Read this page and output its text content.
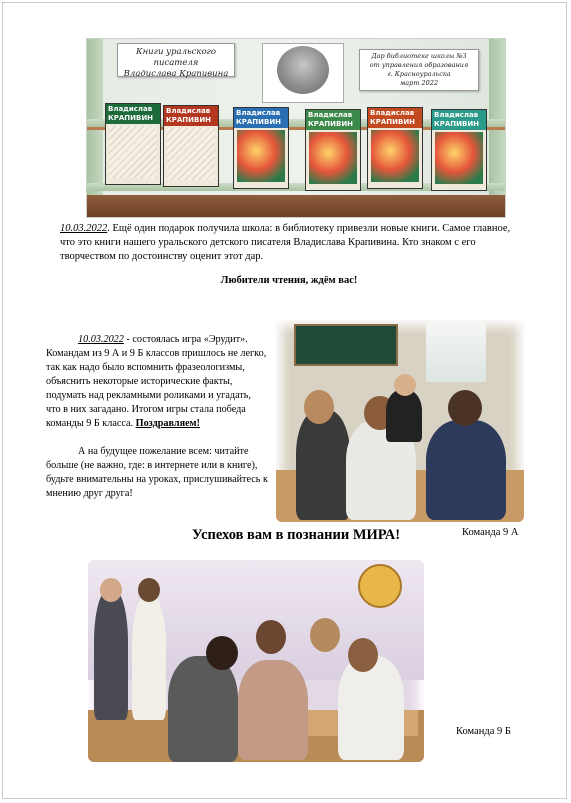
Книги уральского писателя
Владислава Крапивина
Дар библиотеке школы №3
от управления образования
г. Красноуральска
март 2022
Владислав КРАПИВИН
Владислав КРАПИВИН
Владислав КРАПИВИН
Владислав КРАПИВИН
Владислав КРАПИВИН
Владислав КРАПИВИН
10.03.2022. Ещё один подарок получила школа: в библиотеку привезли новые книги. Самое главное, что это книги нашего уральского детского писателя Владислава Крапивина. Кто знаком с его творчеством по достоинству оценит этот дар.
Любители чтения, ждём вас!

10.03.2022 - состоялась игра «Эрудит». Командам из 9 А и 9 Б классов пришлось не легко, так как надо было вспомнить фразеологизмы, объяснить некоторые исторические факты, подумать над рекламными роликами и угадать, что в них загадано. Итогом игры стала победа команды 9 Б класса. Поздравляем!

А на будущее пожелание всем: читайте больше (не важно, где: в интернете или в книге), будьте внимательны на уроках, прислушивайтесь к мнению друг друга!

Успехов вам в познании МИРА!	Команда 9 А
Команда 9 Б
